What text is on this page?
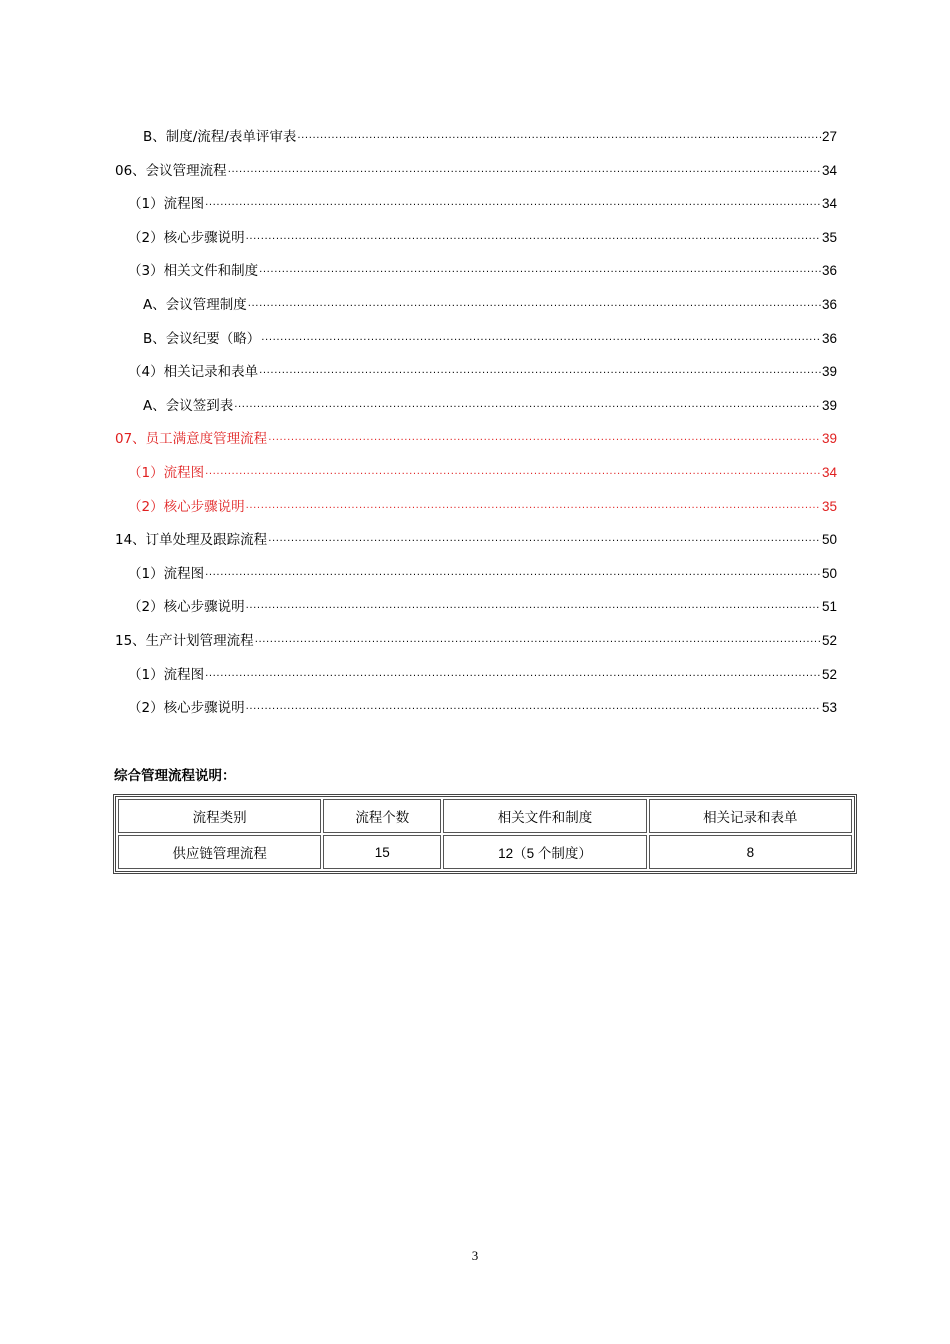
B、制度/流程/表单评审表 ·····	27
06、会议管理流程 ·····	34
（1）流程图 ·····	34
（2）核心步骤说明 ·····	35
（3）相关文件和制度 ·····	36
A、会议管理制度 ·····	36
B、会议纪要（略） ·····	36
（4）相关记录和表单 ·····	39
A、会议签到表 ·····	39
07、员工满意度管理流程 ·····	39
（1）流程图 ·····	34
（2）核心步骤说明 ·····	35
14、订单处理及跟踪流程 ·····	50
（1）流程图 ·····	50
（2）核心步骤说明 ·····	51
15、生产计划管理流程 ·····	52
（1）流程图 ·····	52
（2）核心步骤说明 ·····	53
综合管理流程说明：
流程类别	流程个数	相关文件和制度	相关记录和表单
供应链管理流程	15	12（5 个制度）	8
3
